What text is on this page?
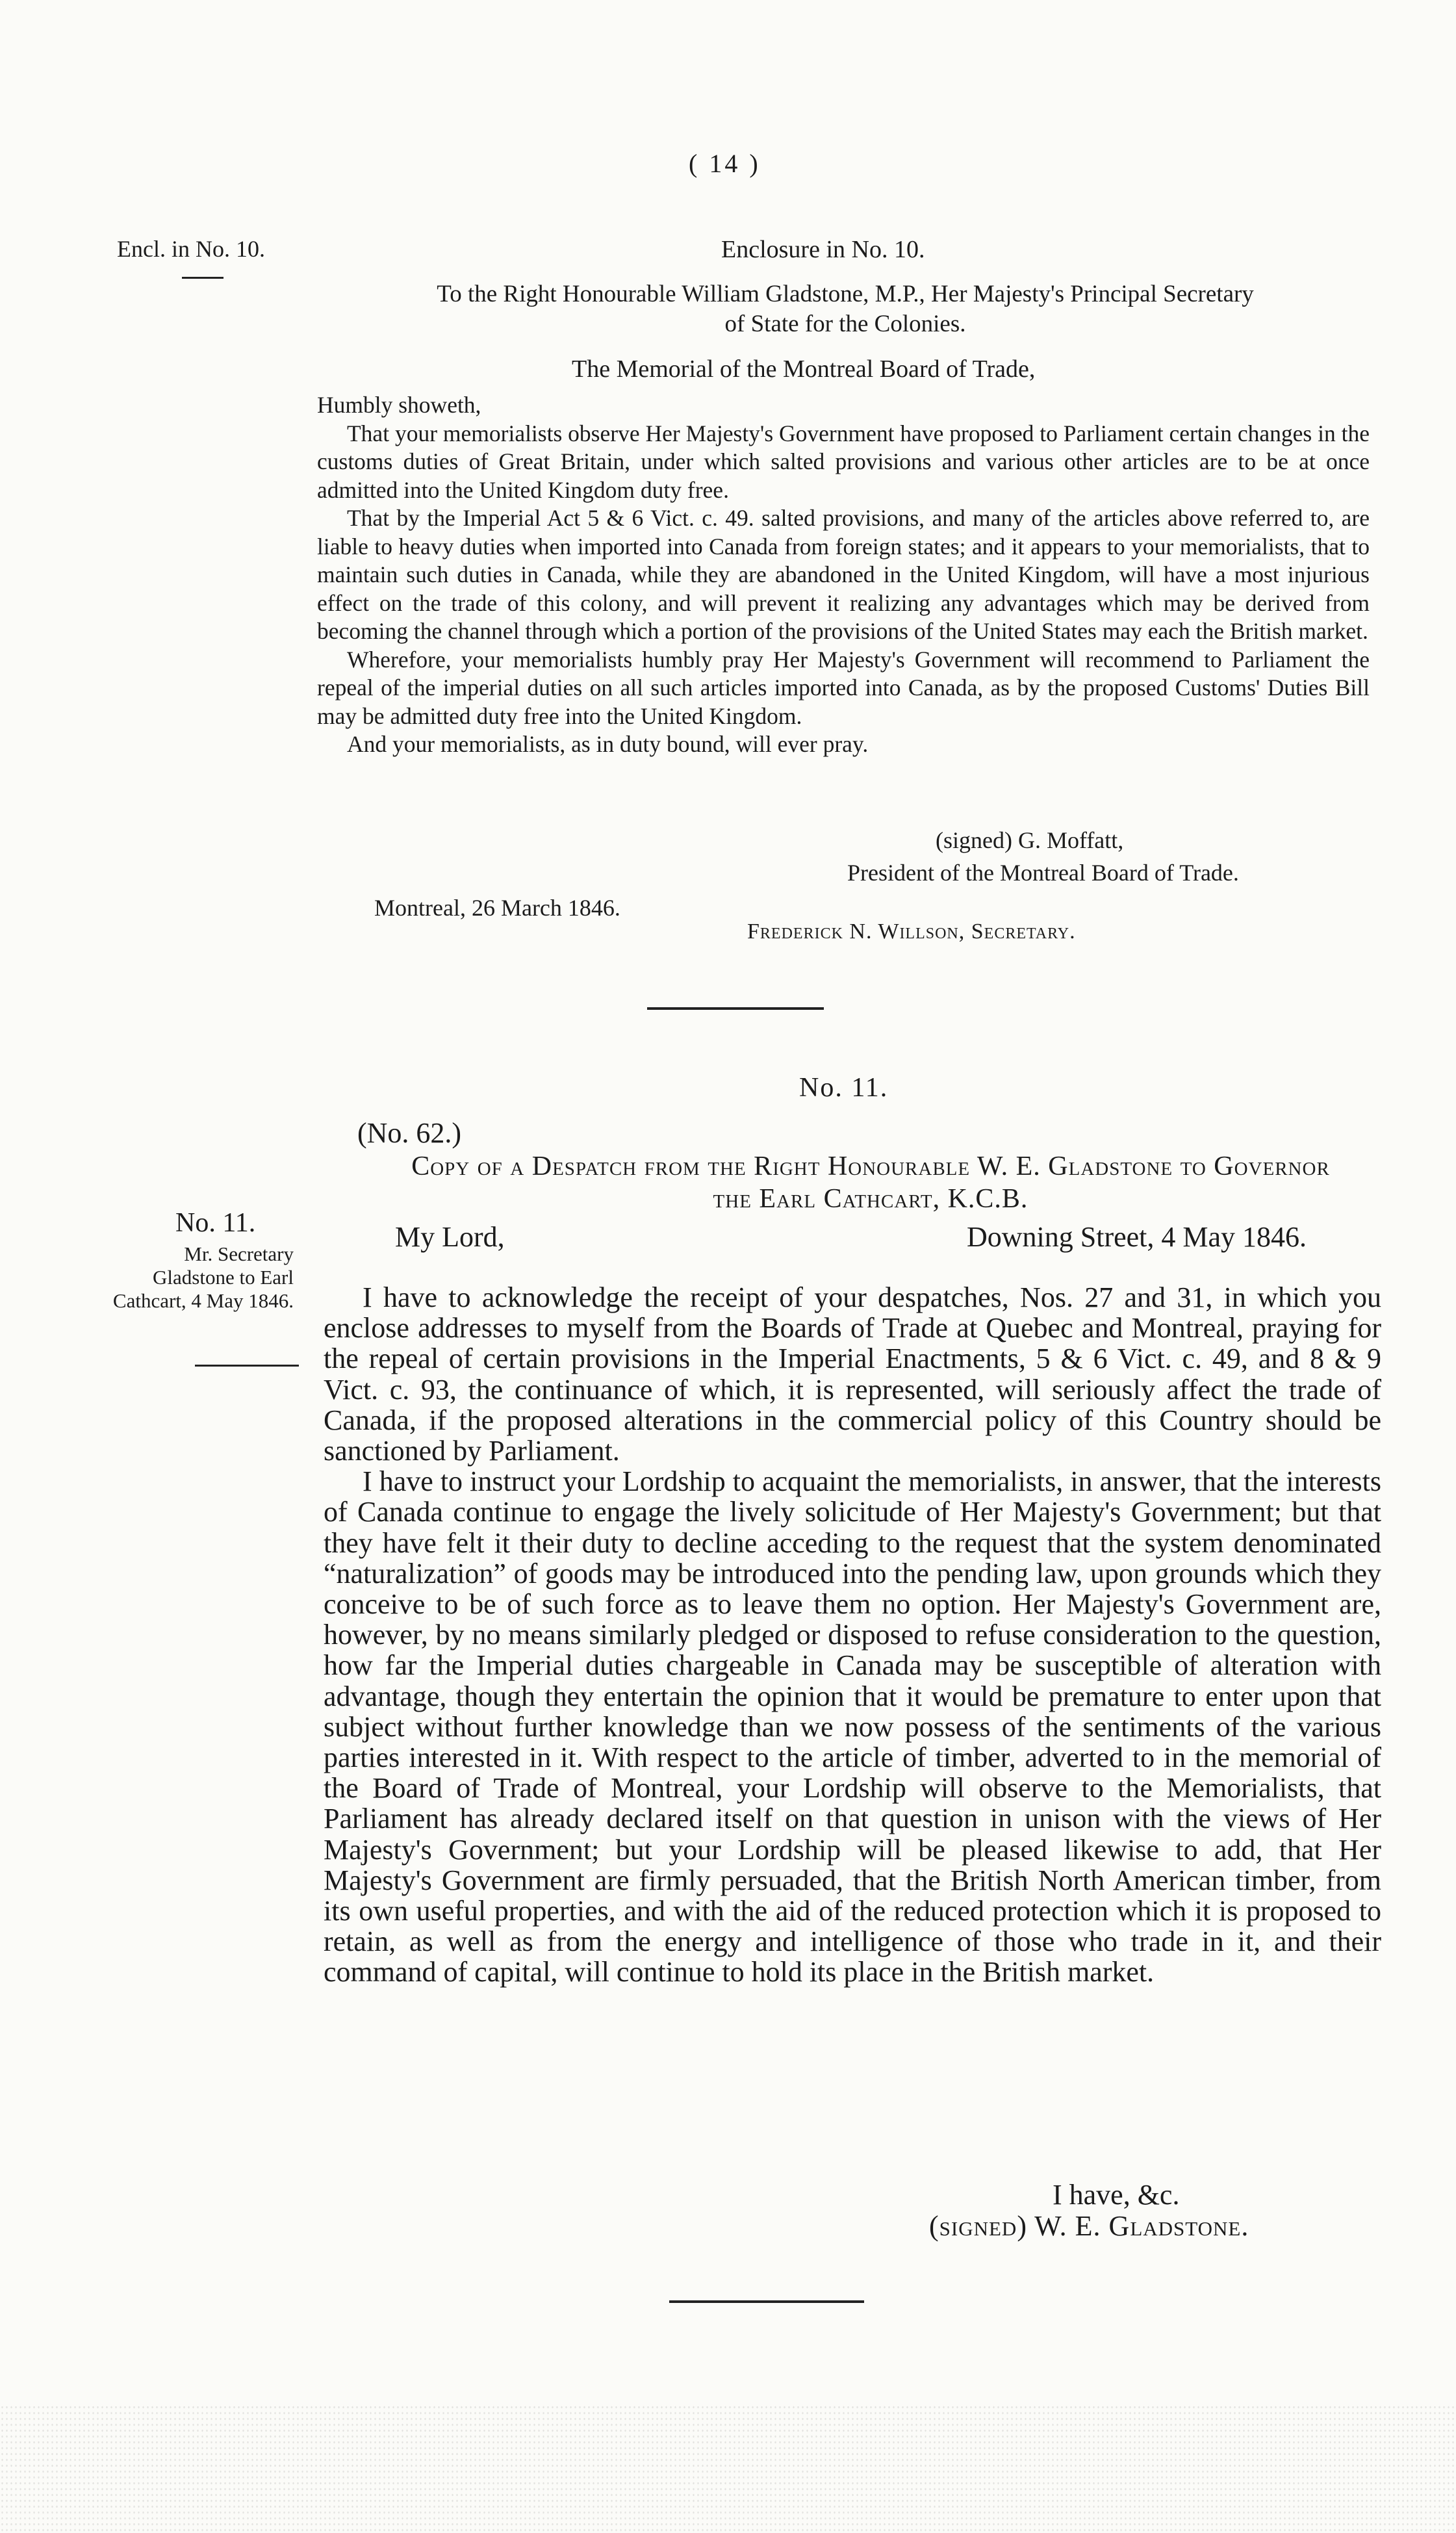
( 14 )
Encl. in No. 10.	Enclosure in No. 10.
To the Right Honourable William Gladstone, M.P., Her Majesty's Principal Secretary
of State for the Colonies.
The Memorial of the Montreal Board of Trade,

Humbly showeth,

That your memorialists observe Her Majesty's Government have proposed to Parliament certain changes in the customs duties of Great Britain, under which salted provisions and various other articles are to be at once admitted into the United Kingdom duty free.

That by the Imperial Act 5 & 6 Vict. c. 49. salted provisions, and many of the articles above referred to, are liable to heavy duties when imported into Canada from foreign states; and it appears to your memorialists, that to maintain such duties in Canada, while they are abandoned in the United Kingdom, will have a most injurious effect on the trade of this colony, and will prevent it realizing any advantages which may be derived from becoming the channel through which a portion of the provisions of the United States may each the British market.

Wherefore, your memorialists humbly pray Her Majesty's Government will recommend to Parliament the repeal of the imperial duties on all such articles imported into Canada, as by the proposed Customs' Duties Bill may be admitted duty free into the United Kingdom.

And your memorialists, as in duty bound, will ever pray.

(signed) G. Moffatt,
President of the Montreal Board of Trade.
Montreal, 26 March 1846.
Frederick N. Willson, Secretary.
No. 11.
(No. 62.)
Copy of a Despatch from the Right Honourable W. E. Gladstone to Governor
the Earl Cathcart, K.C.B.
No. 11.
Mr. Secretary Gladstone to Earl Cathcart, 4 May 1846.
My Lord,	Downing Street, 4 May 1846.

I have to acknowledge the receipt of your despatches, Nos. 27 and 31, in which you enclose addresses to myself from the Boards of Trade at Quebec and Montreal, praying for the repeal of certain provisions in the Imperial Enactments, 5 & 6 Vict. c. 49, and 8 & 9 Vict. c. 93, the continuance of which, it is represented, will seriously affect the trade of Canada, if the proposed alterations in the commercial policy of this Country should be sanctioned by Parliament.

I have to instruct your Lordship to acquaint the memorialists, in answer, that the interests of Canada continue to engage the lively solicitude of Her Majesty's Government; but that they have felt it their duty to decline acceding to the request that the system denominated “naturalization” of goods may be introduced into the pending law, upon grounds which they conceive to be of such force as to leave them no option. Her Majesty's Government are, however, by no means similarly pledged or disposed to refuse consideration to the question, how far the Imperial duties chargeable in Canada may be susceptible of alteration with advantage, though they entertain the opinion that it would be premature to enter upon that subject without further knowledge than we now possess of the sentiments of the various parties interested in it. With respect to the article of timber, adverted to in the memorial of the Board of Trade of Montreal, your Lordship will observe to the Memorialists, that Parliament has already declared itself on that question in unison with the views of Her Majesty's Government; but your Lordship will be pleased likewise to add, that Her Majesty's Government are firmly persuaded, that the British North American timber, from its own useful properties, and with the aid of the reduced protection which it is proposed to retain, as well as from the energy and intelligence of those who trade in it, and their command of capital, will continue to hold its place in the British market.

I have, &c.
(signed) W. E. Gladstone.
